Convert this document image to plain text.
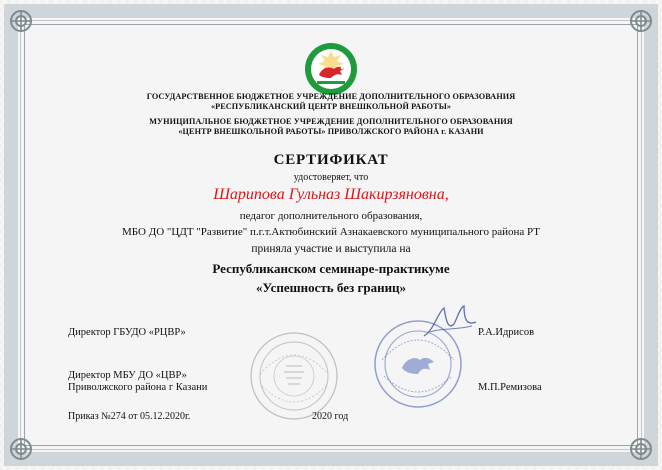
ГОСУДАРСТВЕННОЕ БЮДЖЕТНОЕ УЧРЕЖДЕНИЕ ДОПОЛНИТЕЛЬНОГО ОБРАЗОВАНИЯ
«РЕСПУБЛИКАНСКИЙ ЦЕНТР ВНЕШКОЛЬНОЙ РАБОТЫ»
МУНИЦИПАЛЬНОЕ БЮДЖЕТНОЕ УЧРЕЖДЕНИЕ ДОПОЛНИТЕЛЬНОГО ОБРАЗОВАНИЯ
«ЦЕНТР ВНЕШКОЛЬНОЙ РАБОТЫ» ПРИВОЛЖСКОГО РАЙОНА г. КАЗАНИ
СЕРТИФИКАТ
удостоверяет, что
Шарипова Гульназ Шакирзяновна,
педагог дополнительного образования,
МБО ДО "ЦДТ "Развитие" п.г.т.Актюбинский Азнакаевского муниципального района РТ
приняла участие и выступила на
Республиканском семинаре-практикуме
«Успешность без границ»
Директор ГБУДО «РЦВР»	Р.А.Идрисов
Директор МБУ ДО «ЦВР»
Приволжского района г Казани	М.П.Ремизова
Приказ №274 от 05.12.2020г.	2020 год
